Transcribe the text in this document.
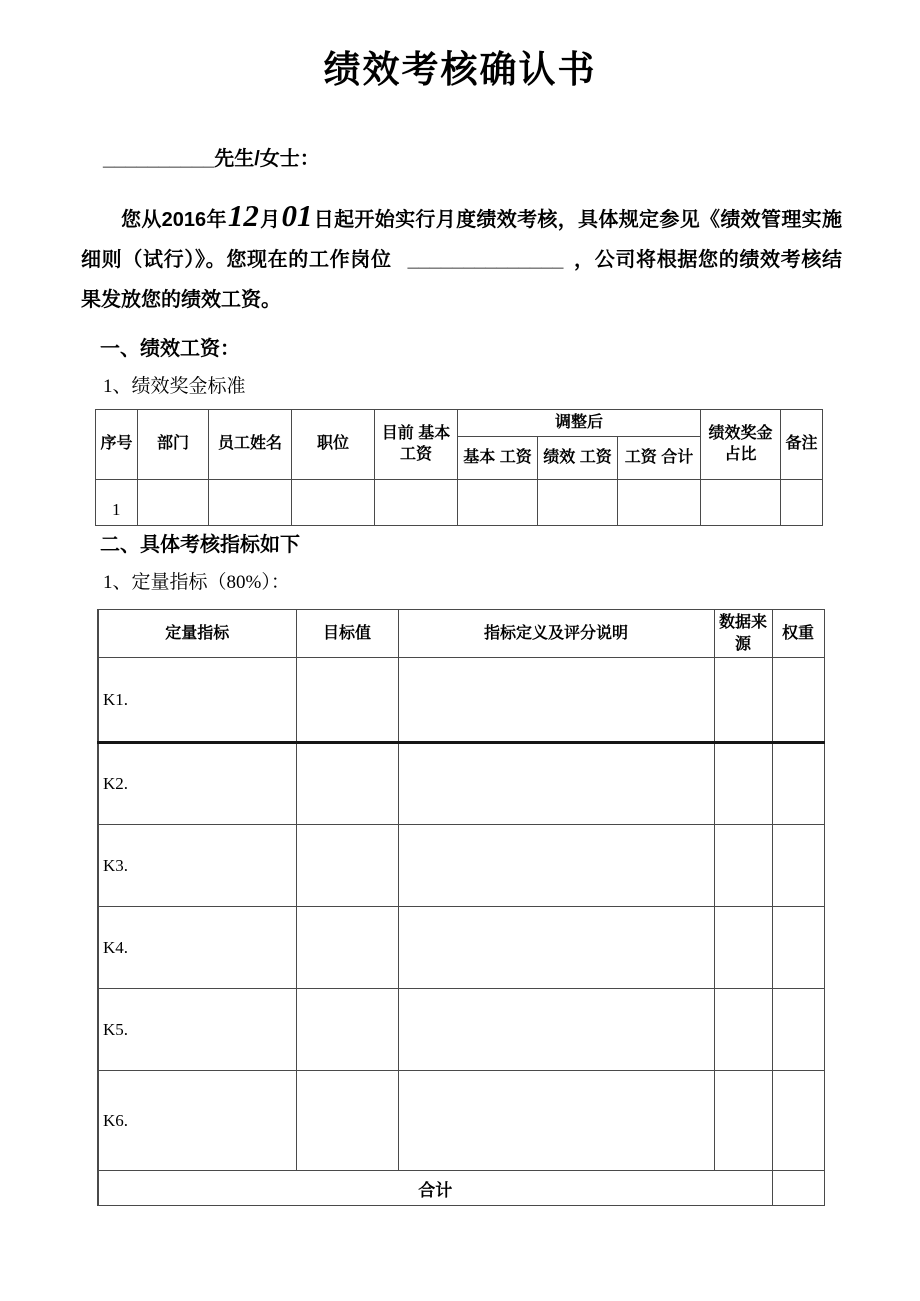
绩效考核确认书

__________先生/女士：

您从2016年12月01日起开始实行月度绩效考核，具体规定参见《绩效管理实施细则（试行）》。您现在的工作岗位 ______________ ，公司将根据您的绩效考核结果发放您的绩效工资。

一、绩效工资：

1、绩效奖金标准

序号	部门	员工姓名	职位	目前 基本工资	调整后			绩效奖金占比	备注
					基本 工资	绩效 工资	工资 合计		
1									
二、具体考核指标如下

1、定量指标（80%）：

定量指标	目标值	指标定义及评分说明	数据来源	权重
K1.				
K2.				
K3.				
K4.				
K5.				
K6.				
合计				
